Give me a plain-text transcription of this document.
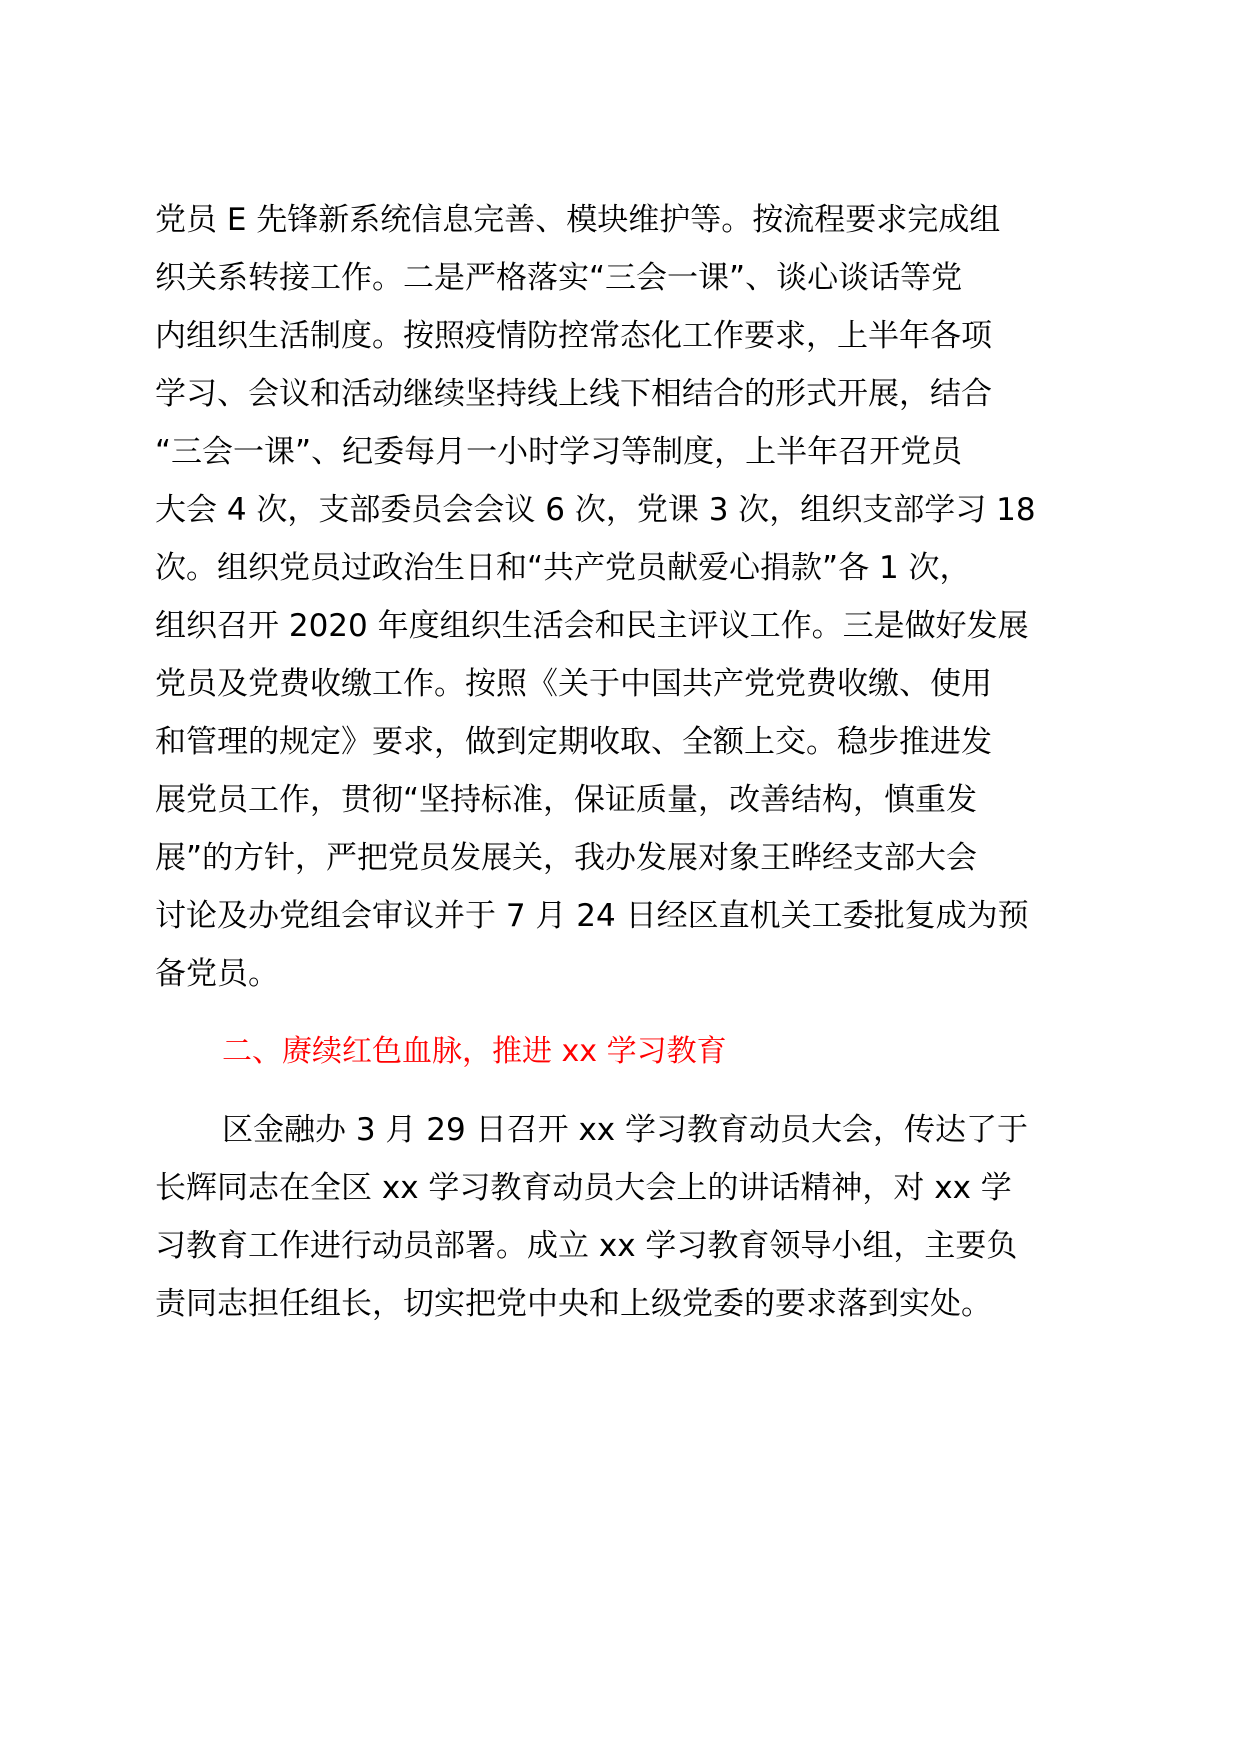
党员 E 先锋新系统信息完善、模块维护等。按流程要求完成组
织关系转接工作。二是严格落实“三会一课”、谈心谈话等党
内组织生活制度。按照疫情防控常态化工作要求，上半年各项
学习、会议和活动继续坚持线上线下相结合的形式开展，结合
“三会一课”、纪委每月一小时学习等制度，上半年召开党员
大会 4 次，支部委员会会议 6 次，党课 3 次，组织支部学习 18
次。组织党员过政治生日和“共产党员献爱心捐款”各 1 次，
组织召开 2020 年度组织生活会和民主评议工作。三是做好发展
党员及党费收缴工作。按照《关于中国共产党党费收缴、使用
和管理的规定》要求，做到定期收取、全额上交。稳步推进发
展党员工作，贯彻“坚持标准，保证质量，改善结构，慎重发
展”的方针，严把党员发展关，我办发展对象王晔经支部大会
讨论及办党组会审议并于 7 月 24 日经区直机关工委批复成为预
备党员。
二、赓续红色血脉，推进 xx 学习教育
区金融办 3 月 29 日召开 xx 学习教育动员大会，传达了于
长辉同志在全区 xx 学习教育动员大会上的讲话精神，对 xx 学
习教育工作进行动员部署。成立 xx 学习教育领导小组，主要负
责同志担任组长，切实把党中央和上级党委的要求落到实处。
